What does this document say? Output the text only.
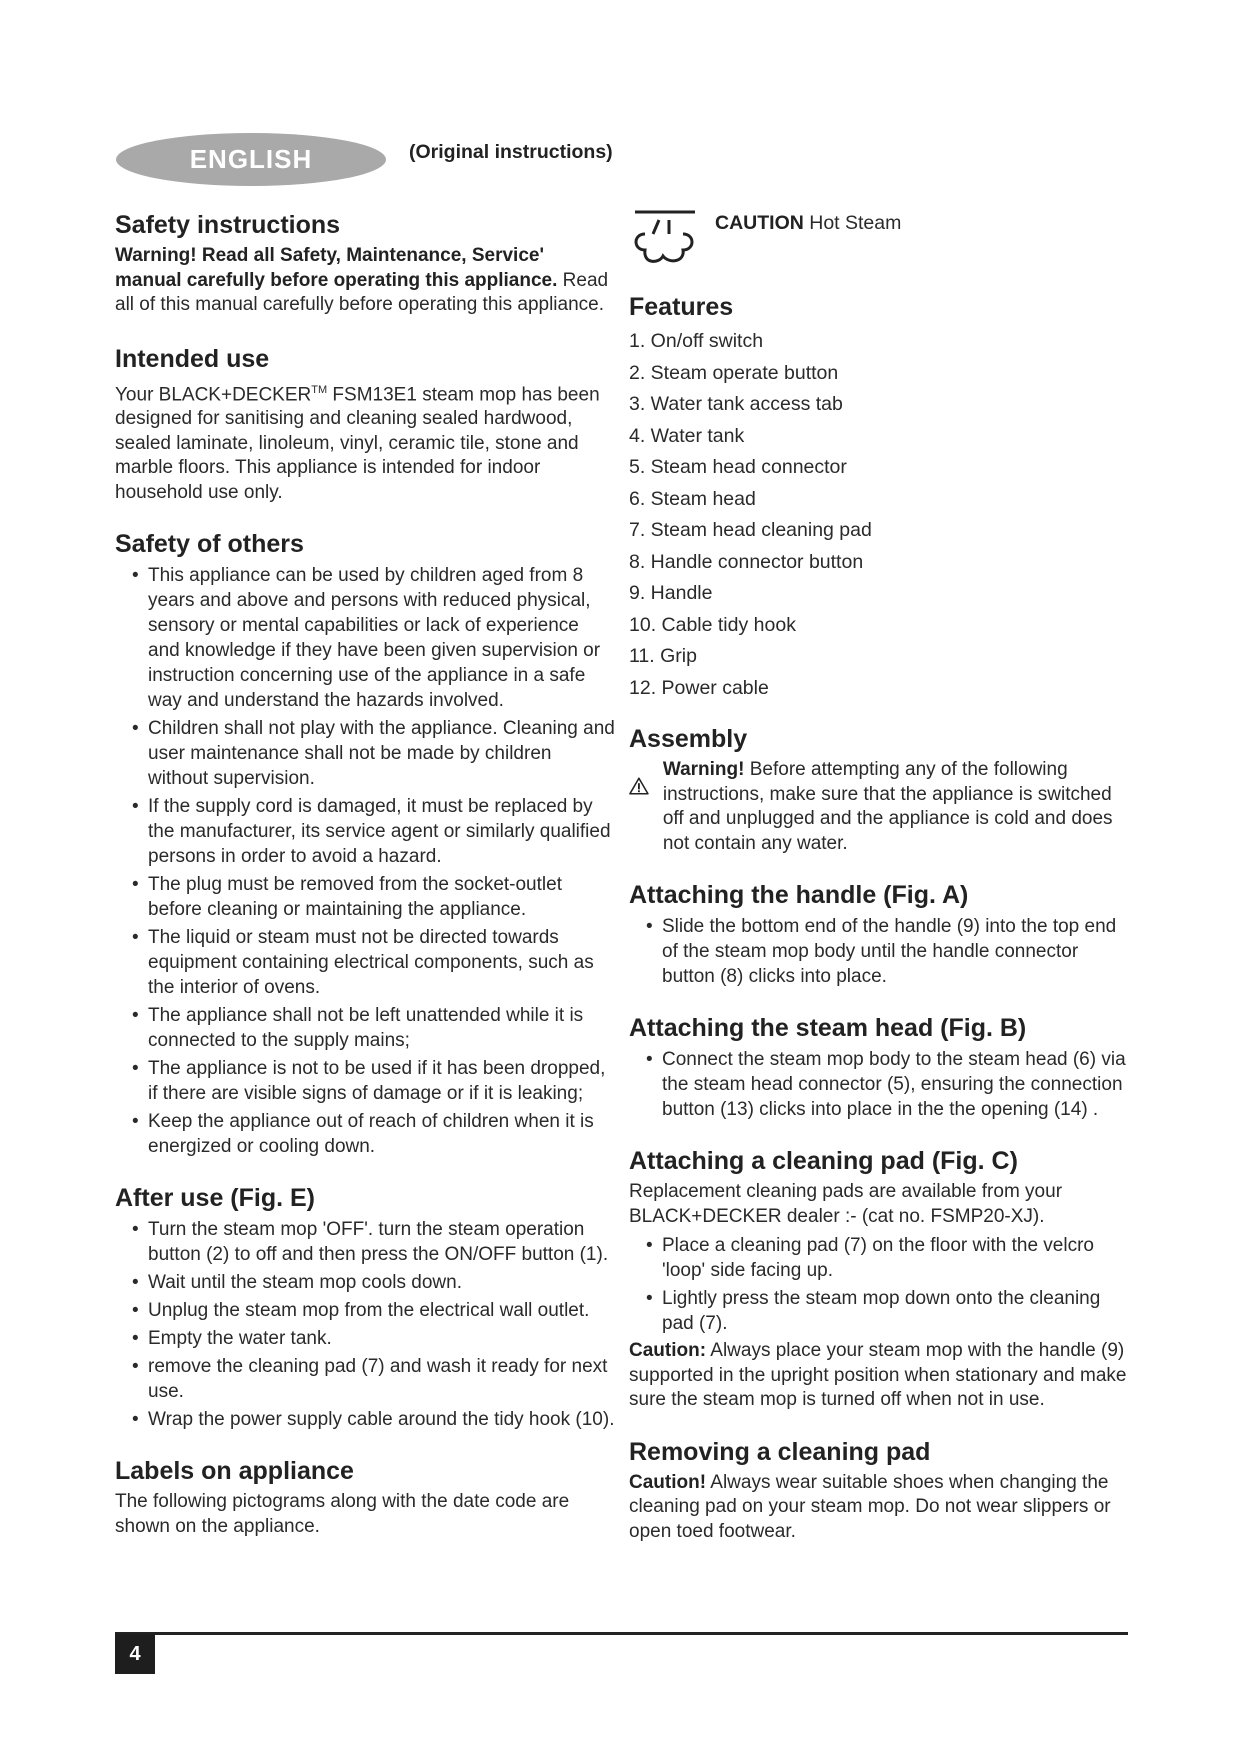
ENGLISH	(Original instructions)
Safety instructions

Warning! Read all Safety, Maintenance, Service' manual carefully before operating this appliance. Read all of this manual carefully before operating this appliance.

Intended use

Your BLACK+DECKER™ FSM13E1 steam mop has been designed for sanitising and cleaning sealed hardwood, sealed laminate, linoleum, vinyl, ceramic tile, stone and marble floors. This appliance is intended for indoor household use only.

Safety of others
• This appliance can be used by children aged from 8 years and above and persons with reduced physical, sensory or mental capabilities or lack of experience and knowledge if they have been given supervision or instruction concerning use of the appliance in a safe way and understand the hazards involved.
• Children shall not play with the appliance. Cleaning and user maintenance shall not be made by children without supervision.
• If the supply cord is damaged, it must be replaced by the manufacturer, its service agent or similarly qualified persons in order to avoid a hazard.
• The plug must be removed from the socket-outlet before cleaning or maintaining the appliance.
• The liquid or steam must not be directed towards equipment containing electrical components, such as the interior of ovens.
• The appliance shall not be left unattended while it is connected to the supply mains;
• The appliance is not to be used if it has been dropped, if there are visible signs of damage or if it is leaking;
• Keep the appliance out of reach of children when it is energized or cooling down.
After use (Fig. E)
• Turn the steam mop 'OFF'. turn the steam operation button (2) to off and then press the ON/OFF button (1).
• Wait until the steam mop cools down.
• Unplug the steam mop from the electrical wall outlet.
• Empty the water tank.
• remove the cleaning pad (7) and wash it ready for next use.
• Wrap the power supply cable around the tidy hook (10).
Labels on appliance

The following pictograms along with the date code are shown on the appliance.

CAUTION Hot Steam
Features
1. On/off switch
2. Steam operate button
3. Water tank access tab
4. Water tank
5. Steam head connector
6. Steam head
7. Steam head cleaning pad
8. Handle connector button
9. Handle
10. Cable tidy hook
11. Grip
12. Power cable
Assembly

Warning! Before attempting any of the following instructions, make sure that the appliance is switched off and unplugged and the appliance is cold and does not contain any water.

Attaching the handle (Fig. A)
• Slide the bottom end of the handle (9) into the top end of the steam mop body until the handle connector button (8) clicks into place.
Attaching the steam head (Fig. B)
• Connect the steam mop body to the steam head (6) via the steam head connector (5), ensuring the connection button (13) clicks into place in the the opening (14) .
Attaching a cleaning pad (Fig. C)

Replacement cleaning pads are available from your BLACK+DECKER dealer :- (cat no. FSMP20-XJ).

• Place a cleaning pad (7) on the floor with the velcro 'loop' side facing up.
• Lightly press the steam mop down onto the cleaning pad (7).

Caution: Always place your steam mop with the handle (9) supported in the upright position when stationary and make sure the steam mop is turned off when not in use.

Removing a cleaning pad

Caution! Always wear suitable shoes when changing the cleaning pad on your steam mop. Do not wear slippers or open toed footwear.

4
